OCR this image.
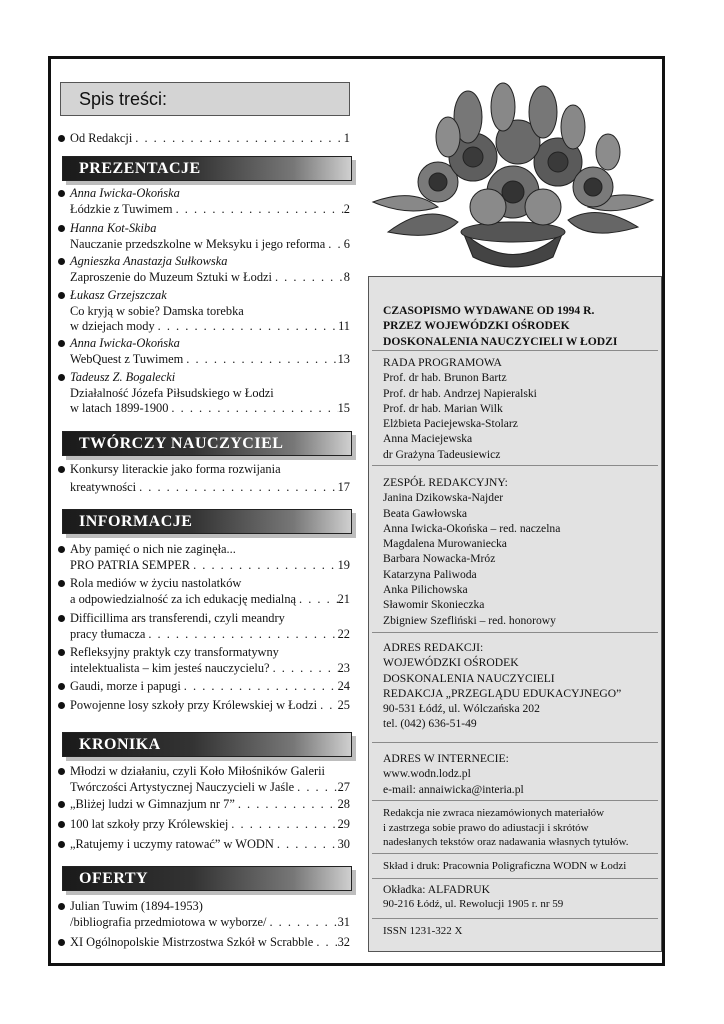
Spis treści:
Od Redakcji . . .	1
PREZENTACJE
Anna Iwicka-Okońska
Łódzkie z Tuwimem . . .	2
Hanna Kot-Skiba
Nauczanie przedszkolne w Meksyku i jego reforma . . . 6
Agnieszka Anastazja Sułkowska
Zaproszenie do Muzeum Sztuki w Łodzi . . .	8
Łukasz Grzejszczak
Co kryją w sobie? Damska torebka
w dziejach mody . . .	11
Anna Iwicka-Okońska
WebQuest z Tuwimem . . .	13
Tadeusz Z. Bogalecki
Działalność Józefa Piłsudskiego w Łodzi
w latach 1899-1900 . . .	15
TWÓRCZY NAUCZYCIEL
Konkursy literackie jako forma rozwijania
kreatywności . . .	17
INFORMACJE
Aby pamięć o nich nie zaginęła...
PRO PATRIA SEMPER . . .	19
Rola mediów w życiu nastolatków
a odpowiedzialność za ich edukację medialną . . .	21
Difficillima ars transferendi, czyli meandry
pracy tłumacza . . .	22
Refleksyjny praktyk czy transformatywny
intelektualista – kim jesteś nauczycielu? . . .	23
Gaudi, morze i papugi . . .	24
Powojenne losy szkoły przy Królewskiej w Łodzi . . . 25
KRONIKA
Młodzi w działaniu, czyli Koło Miłośników Galerii
Twórczości Artystycznej Nauczycieli w Jaśle . . .	27
„Bliżej ludzi w Gimnazjum nr 7” . . .	28
100 lat szkoły przy Królewskiej . . .	29
„Ratujemy i uczymy ratować” w WODN . . .	30
OFERTY
Julian Tuwim (1894-1953)
/bibliografia przedmiotowa w wyborze/ . . .	31
XI Ogólnopolskie Mistrzostwa Szkół w Scrabble . . . 32
CZASOPISMO WYDAWANE OD 1994 R.
PRZEZ WOJEWÓDZKI OŚRODEK
DOSKONALENIA NAUCZYCIELI W ŁODZI
RADA PROGRAMOWA
Prof. dr hab. Brunon Bartz
Prof. dr hab. Andrzej Napieralski
Prof. dr hab. Marian Wilk
Elżbieta Paciejewska-Stolarz
Anna Maciejewska
dr Grażyna Tadeusiewicz
ZESPÓŁ REDAKCYJNY:
Janina Dzikowska-Najder
Beata Gawłowska
Anna Iwicka-Okońska – red. naczelna
Magdalena Murowaniecka
Barbara Nowacka-Mróz
Katarzyna Paliwoda
Anka Pilichowska
Sławomir Skonieczka
Zbigniew Szefliński – red. honorowy
ADRES REDAKCJI:
WOJEWÓDZKI OŚRODEK
DOSKONALENIA NAUCZYCIELI
REDAKCJA „PRZEGLĄDU EDUKACYJNEGO”
90-531 Łódź, ul. Wólczańska 202
tel. (042) 636-51-49
ADRES W INTERNECIE:
www.wodn.lodz.pl
e-mail: annaiwicka@interia.pl
Redakcja nie zwraca niezamówionych materiałów
i zastrzega sobie prawo do adiustacji i skrótów
nadesłanych tekstów oraz nadawania własnych tytułów.
Skład i druk: Pracownia Poligraficzna WODN w Łodzi
Okładka: ALFADRUK
90-216 Łódź, ul. Rewolucji 1905 r. nr 59
ISSN 1231-322 X
